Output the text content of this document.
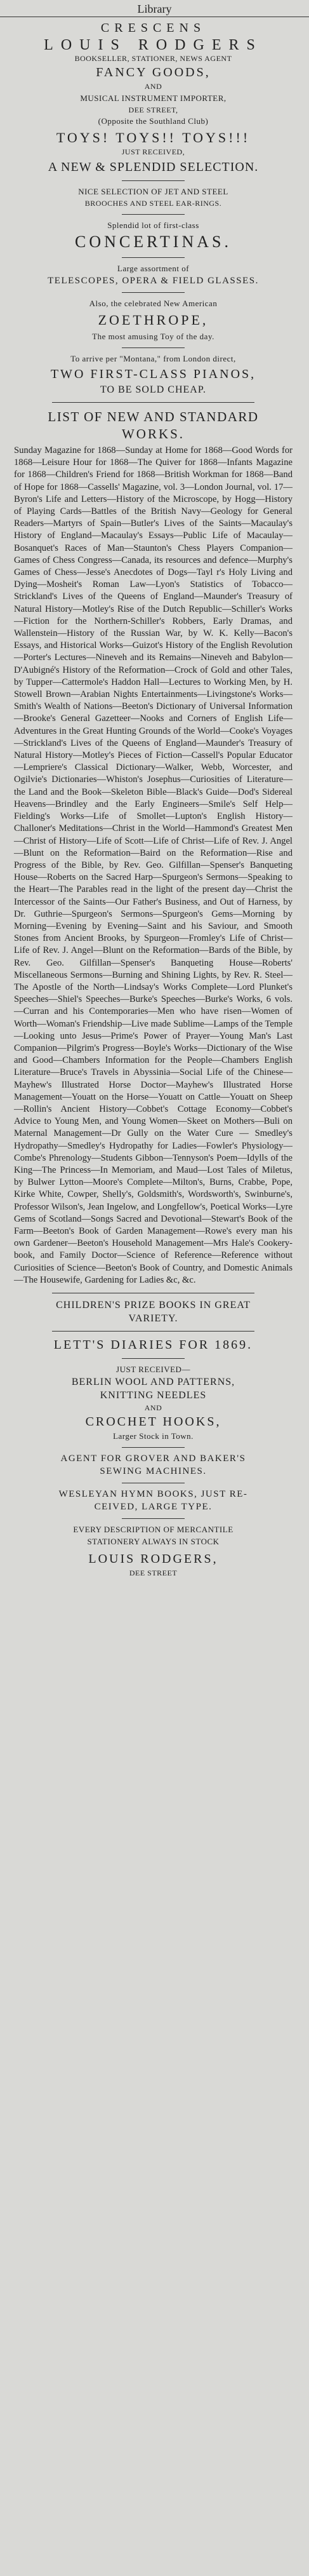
Library
CRESCENS
LOUIS RODGERS
BOOKSELLER, STATIONER, NEWS AGENT
FANCY GOODS,
AND
MUSICAL INSTRUMENT IMPORTER,
DEE STREET,
(Opposite the Southland Club)
TOYS! TOYS!! TOYS!!!
JUST RECEIVED,
A NEW & SPLENDID SELECTION.
NICE SELECTION OF JET AND STEEL
BROOCHES AND STEEL EAR-RINGS.
Splendid lot of first-class
CONCERTINAS.
Large assortment of
TELESCOPES, OPERA & FIELD GLASSES.
Also, the celebrated New American
ZOETHROPE,
The most amusing Toy of the day.
To arrive per "Montana," from London direct,
TWO FIRST-CLASS PIANOS,
TO BE SOLD CHEAP.
LIST OF NEW AND STANDARD
WORKS.

Sunday Magazine for 1868—Sunday at Home for 1868—Good Words for 1868—Leisure Hour for 1868—The Quiver for 1868—Infants Magazine for 1868—Children's Friend for 1868—British Workman for 1868—Band of Hope for 1868—Cassells' Magazine, vol. 3—London Journal, vol. 17—Byron's Life and Letters—History of the Microscope, by Hogg—History of Playing Cards—Battles of the British Navy—Geology for General Readers—Martyrs of Spain—Butler's Lives of the Saints—Macaulay's History of England—Macaulay's Essays—Public Life of Macaulay—Bosanquet's Races of Man—Staunton's Chess Players Companion—Games of Chess Congress—Canada, its resources and defence—Murphy's Games of Chess—Jesse's Anecdotes of Dogs—Tayl r's Holy Living and Dying—Mosheit's Roman Law—Lyon's Statistics of Tobacco—Strickland's Lives of the Queens of England—Maunder's Treasury of Natural History—Motley's Rise of the Dutch Republic—Schiller's Works—Fiction for the Northern-Schiller's Robbers, Early Dramas, and Wallenstein—History of the Russian War, by W. K. Kelly—Bacon's Essays, and Historical Works—Guizot's History of the English Revolution—Porter's Lectures—Nineveh and its Remains—Nineveh and Babylon—D'Aubigné's History of the Reformation—Crock of Gold and other Tales, by Tupper—Cattermole's Haddon Hall—Lectures to Working Men, by H. Stowell Brown—Arabian Nights Entertainments—Livingstone's Works—Smith's Wealth of Nations—Beeton's Dictionary of Universal Information—Brooke's General Gazetteer—Nooks and Corners of English Life—Adventures in the Great Hunting Grounds of the World—Cooke's Voyages—Strickland's Lives of the Queens of England—Maunder's Treasury of Natural History—Motley's Pieces of Fiction—Cassell's Popular Educator—Lempriere's Classical Dictionary—Walker, Webb, Worcester, and Ogilvie's Dictionaries—Whiston's Josephus—Curiosities of Literature—the Land and the Book—Skeleton Bible—Black's Guide—Dod's Sidereal Heavens—Brindley and the Early Engineers—Smile's Self Help—Fielding's Works—Life of Smollet—Lupton's English History—Challoner's Meditations—Christ in the World—Hammond's Greatest Men—Christ of History—Life of Scott—Life of Christ—Life of Rev. J. Angel—Blunt on the Reformation—Baird on the Reformation—Rise and Progress of the Bible, by Rev. Geo. Gilfillan—Spenser's Banqueting House—Roberts on the Sacred Harp—Spurgeon's Sermons—Speaking to the Heart—The Parables read in the light of the present day—Christ the Intercessor of the Saints—Our Father's Business, and Out of Harness, by Dr. Guthrie—Spurgeon's Sermons—Spurgeon's Gems—Morning by Morning—Evening by Evening—Saint and his Saviour, and Smooth Stones from Ancient Brooks, by Spurgeon—Fromley's Life of Christ—Life of Rev. J. Angel—Blunt on the Reformation—Bards of the Bible, by Rev. Geo. Gilfillan—Spenser's Banqueting House—Roberts' Miscellaneous Sermons—Burning and Shining Lights, by Rev. R. Steel—The Apostle of the North—Lindsay's Works Complete—Lord Plunket's Speeches—Shiel's Speeches—Burke's Speeches—Burke's Works, 6 vols.—Curran and his Contemporaries—Men who have risen—Women of Worth—Woman's Friendship—Live made Sublime—Lamps of the Temple—Looking unto Jesus—Prime's Power of Prayer—Young Man's Last Companion—Pilgrim's Progress—Boyle's Works—Dictionary of the Wise and Good—Chambers Information for the People—Chambers English Literature—Bruce's Travels in Abyssinia—Social Life of the Chinese—Mayhew's Illustrated Horse Doctor—Mayhew's Illustrated Horse Management—Youatt on the Horse—Youatt on Cattle—Youatt on Sheep—Rollin's Ancient History—Cobbet's Cottage Economy—Cobbet's Advice to Young Men, and Young Women—Skeet on Mothers—Buli on Maternal Management—Dr Gully on the Water Cure — Smedley's Hydropathy—Smedley's Hydropathy for Ladies—Fowler's Physiology—Combe's Phrenology—Students Gibbon—Tennyson's Poem—Idylls of the King—The Princess—In Memoriam, and Maud—Lost Tales of Miletus, by Bulwer Lytton—Moore's Complete—Milton's, Burns, Crabbe, Pope, Kirke White, Cowper, Shelly's, Goldsmith's, Wordsworth's, Swinburne's, Professor Wilson's, Jean Ingelow, and Longfellow's, Poetical Works—Lyre Gems of Scotland—Songs Sacred and Devotional—Stewart's Book of the Farm—Beeton's Book of Garden Management—Rowe's every man his own Gardener—Beeton's Household Management—Mrs Hale's Cookery-book, and Family Doctor—Science of Reference—Reference without Curiosities of Science—Beeton's Book of Country, and Domestic Animals—The Housewife, Gardening for Ladies &c, &c.

CHILDREN'S PRIZE BOOKS IN GREAT
VARIETY.
LETT'S DIARIES FOR 1869.
JUST RECEIVED—
BERLIN WOOL AND PATTERNS,
KNITTING NEEDLES
AND
CROCHET HOOKS,
Larger Stock in Town.
AGENT FOR GROVER AND BAKER'S
SEWING MACHINES.
WESLEYAN HYMN BOOKS, JUST RE-
CEIVED, LARGE TYPE.
EVERY DESCRIPTION OF MERCANTILE
STATIONERY ALWAYS IN STOCK
LOUIS RODGERS,
DEE STREET
